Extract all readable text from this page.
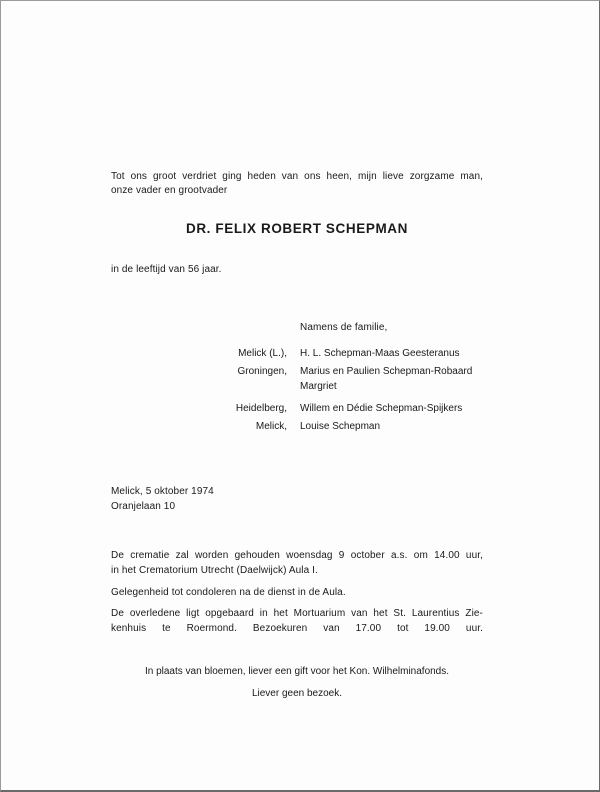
Tot ons groot verdriet ging heden van ons heen, mijn lieve zorgzame man,
onze vader en grootvader
DR. FELIX ROBERT SCHEPMAN
in de leeftijd van 56 jaar.
Namens de familie,
Melick (L.), H. L. Schepman-Maas Geesteranus
Groningen, Marius en Paulien Schepman-Robaard
Margriet
Heidelberg, Willem en Dédie Schepman-Spijkers
Melick, Louise Schepman
Melick, 5 oktober 1974
Oranjelaan 10
De crematie zal worden gehouden woensdag 9 october a.s. om 14.00 uur,
in het Crematorium Utrecht (Daelwijck) Aula I.
Gelegenheid tot condoleren na de dienst in de Aula.
De overledene ligt opgebaard in het Mortuarium van het St. Laurentius Zie-
kenhuis te Roermond. Bezoekuren van 17.00 tot 19.00 uur.
In plaats van bloemen, liever een gift voor het Kon. Wilhelminafonds.
Liever geen bezoek.
